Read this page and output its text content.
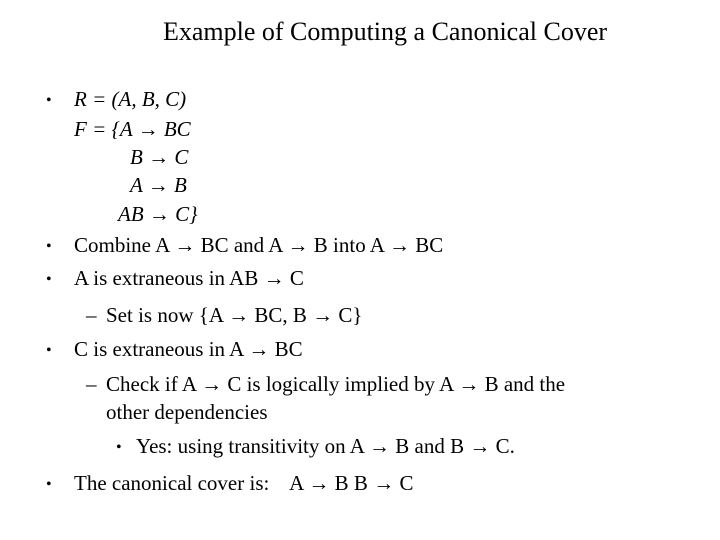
Example of Computing a Canonical Cover
• R = (A, B, C)
F = {A → BC
B → C
A → B
AB → C}
• Combine A → BC and A → B into A → BC
• A is extraneous in AB → C
– Set is now {A → BC, B → C}
• C is extraneous in A → BC
– Check if A → C is logically implied by A → B and the
other dependencies
• Yes: using transitivity on A → B and B → C.
• The canonical cover is:    A → B B → C
